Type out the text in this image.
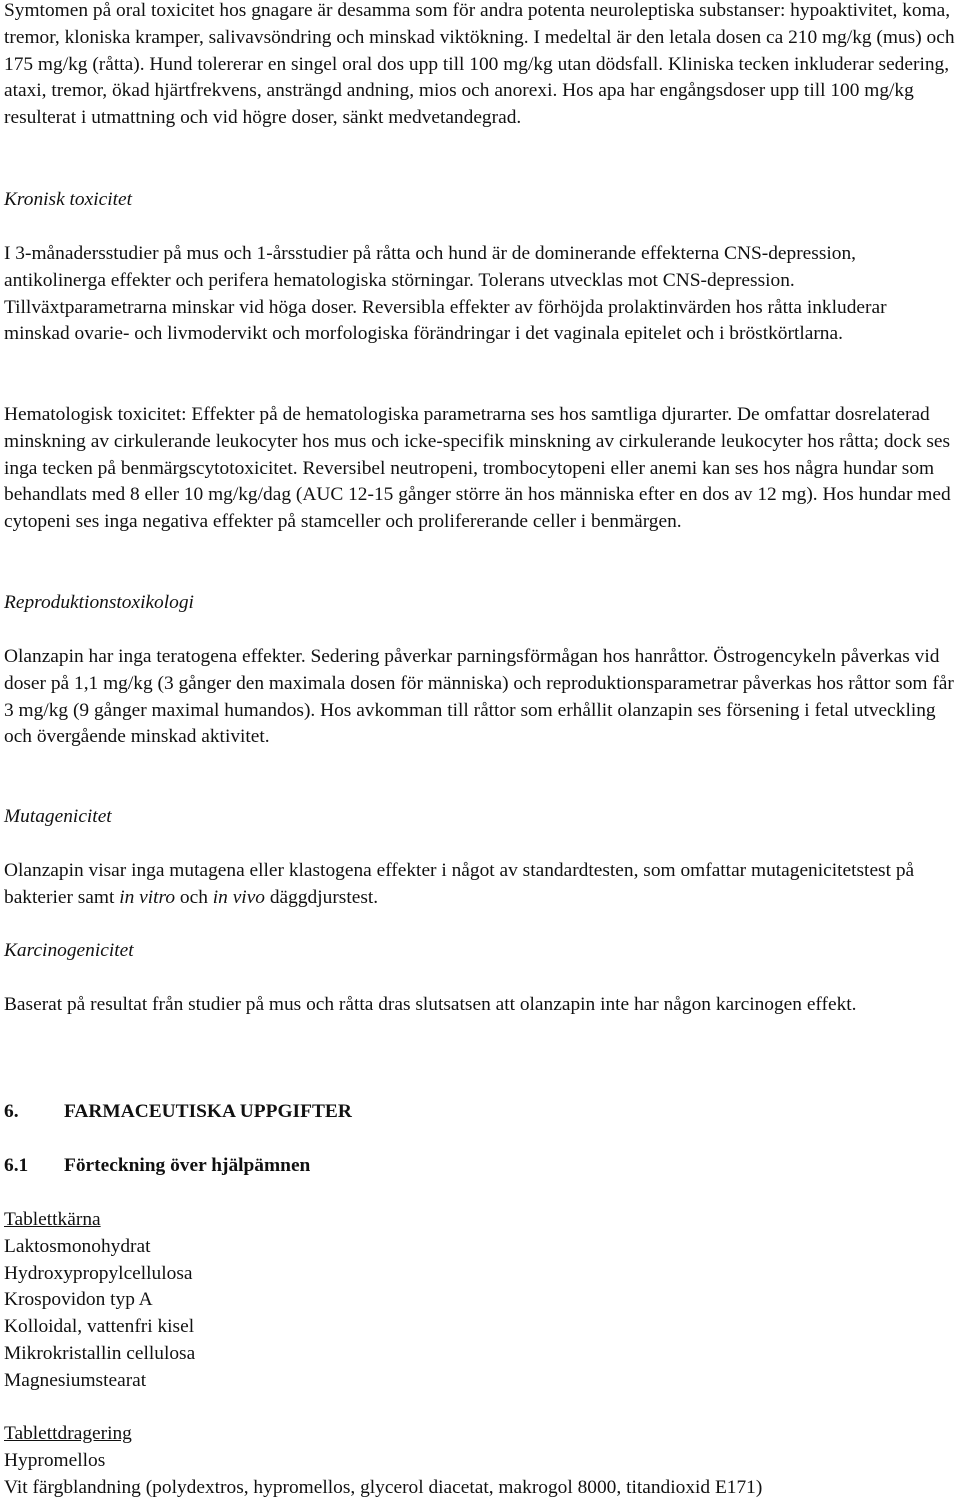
Symtomen på oral toxicitet hos gnagare är desamma som för andra potenta neuroleptiska substanser: hypoaktivitet, koma, tremor, kloniska kramper, salivavsöndring och minskad viktökning. I medeltal är den letala dosen ca 210 mg/kg (mus) och 175 mg/kg (råtta). Hund tolererar en singel oral dos upp till 100 mg/kg utan dödsfall. Kliniska tecken inkluderar sedering, ataxi, tremor, ökad hjärtfrekvens, ansträngd andning, mios och anorexi. Hos apa har engångsdoser upp till 100 mg/kg resulterat i utmattning och vid högre doser, sänkt medvetandegrad.

Kronisk toxicitet

I 3-månadersstudier på mus och 1-årsstudier på råtta och hund är de dominerande effekterna CNS-depression, antikolinerga effekter och perifera hematologiska störningar. Tolerans utvecklas mot CNS-depression. Tillväxtparametrarna minskar vid höga doser. Reversibla effekter av förhöjda prolaktinvärden hos råtta inkluderar minskad ovarie- och livmodervikt och morfologiska förändringar i det vaginala epitelet och i bröstkörtlarna.

Hematologisk toxicitet: Effekter på de hematologiska parametrarna ses hos samtliga djurarter. De omfattar dosrelaterad minskning av cirkulerande leukocyter hos mus och icke-specifik minskning av cirkulerande leukocyter hos råtta; dock ses inga tecken på benmärgscytotoxicitet. Reversibel neutropeni, trombocytopeni eller anemi kan ses hos några hundar som behandlats med 8 eller 10 mg/kg/dag (AUC 12-15 gånger större än hos människa efter en dos av 12 mg). Hos hundar med cytopeni ses inga negativa effekter på stamceller och prolifererande celler i benmärgen.

Reproduktionstoxikologi

Olanzapin har inga teratogena effekter. Sedering påverkar parningsförmågan hos hanråttor. Östrogencykeln påverkas vid doser på 1,1 mg/kg (3 gånger den maximala dosen för människa) och reproduktionsparametrar påverkas hos råttor som får 3 mg/kg (9 gånger maximal humandos). Hos avkomman till råttor som erhållit olanzapin ses försening i fetal utveckling och övergående minskad aktivitet.

Mutagenicitet

Olanzapin visar inga mutagena eller klastogena effekter i något av standardtesten, som omfattar mutagenicitetstest på bakterier samt in vitro och in vivo däggdjurstest.

Karcinogenicitet

Baserat på resultat från studier på mus och råtta dras slutsatsen att olanzapin inte har någon karcinogen effekt.

6.	FARMACEUTISKA UPPGIFTER
6.1	Förteckning över hjälpämnen
Tablettkärna
Laktosmonohydrat
Hydroxypropylcellulosa
Krospovidon typ A
Kolloidal, vattenfri kisel
Mikrokristallin cellulosa
Magnesiumstearat
Tablettdragering
Hypromellos
Vit färgblandning (polydextros, hypromellos, glycerol diacetat, makrogol 8000, titandioxid E171)
